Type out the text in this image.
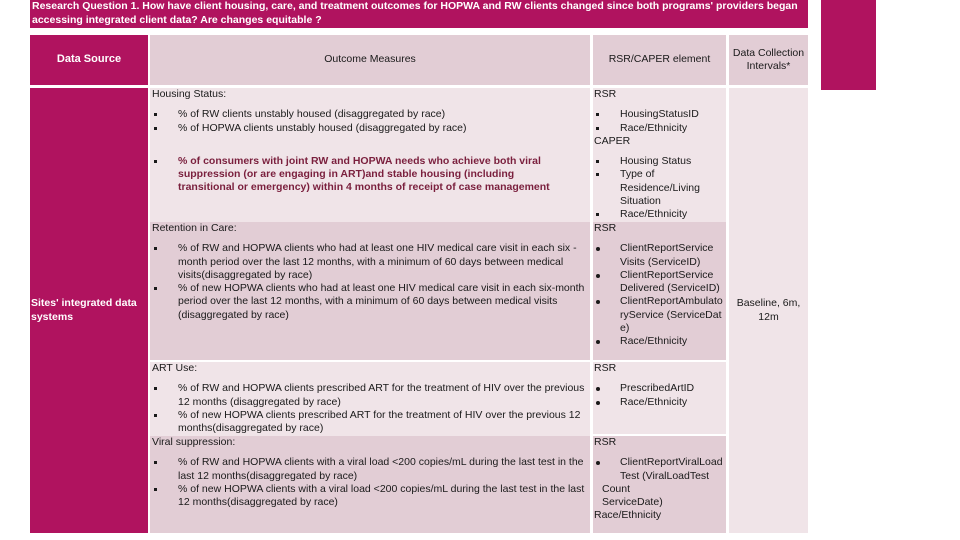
Research Question 1. How have client housing, care, and treatment outcomes for HOPWA and RW clients changed since both programs' providers began accessing integrated client data? Are changes equitable ?
Data Source	Outcome Measures	RSR/CAPER element
Data Collection Intervals*
Sites' integrated data systems
Baseline, 6m, 12m

Housing Status:

% of RW clients unstably housed (disaggregated by race)
% of HOPWA clients unstably housed (disaggregated by race)
% of consumers with joint RW and HOPWA needs who achieve both viral suppression (or are engaging in ART)and stable housing (including transitional or emergency) within 4 months of receipt of case management

RSR

HousingStatusID
Race/Ethnicity

CAPER

Housing Status
Type of Residence/Living Situation
Race/Ethnicity

Retention in Care:

% of RW and HOPWA clients who had at least one HIV medical care visit in each six -month period over the last 12 months, with a minimum of 60 days between medical visits(disaggregated by race)
% of new HOPWA clients who had at least one HIV medical care visit in each six-month period over the last 12 months, with a minimum of 60 days between medical visits (disaggregated by race)

RSR

ClientReportService Visits (ServiceID)
ClientReportService Delivered (ServiceID)
ClientReportAmbulatoryService (ServiceDate)
Race/Ethnicity

ART Use:

% of RW and HOPWA clients prescribed ART for the treatment of HIV over the previous 12 months (disaggregated by race)
% of new HOPWA clients prescribed ART for the treatment of HIV over the previous 12 months(disaggregated by race)

RSR

PrescribedArtID
Race/Ethnicity

Viral suppression:

% of RW and HOPWA clients with a viral load <200 copies/mL during the last test in the last 12 months(disaggregated by race)
% of new HOPWA clients with a viral load <200 copies/mL during the last test in the last 12 months(disaggregated by race)

RSR

ClientReportViralLoadTest (ViralLoadTest
Count
ServiceDate)
Race/Ethnicity
